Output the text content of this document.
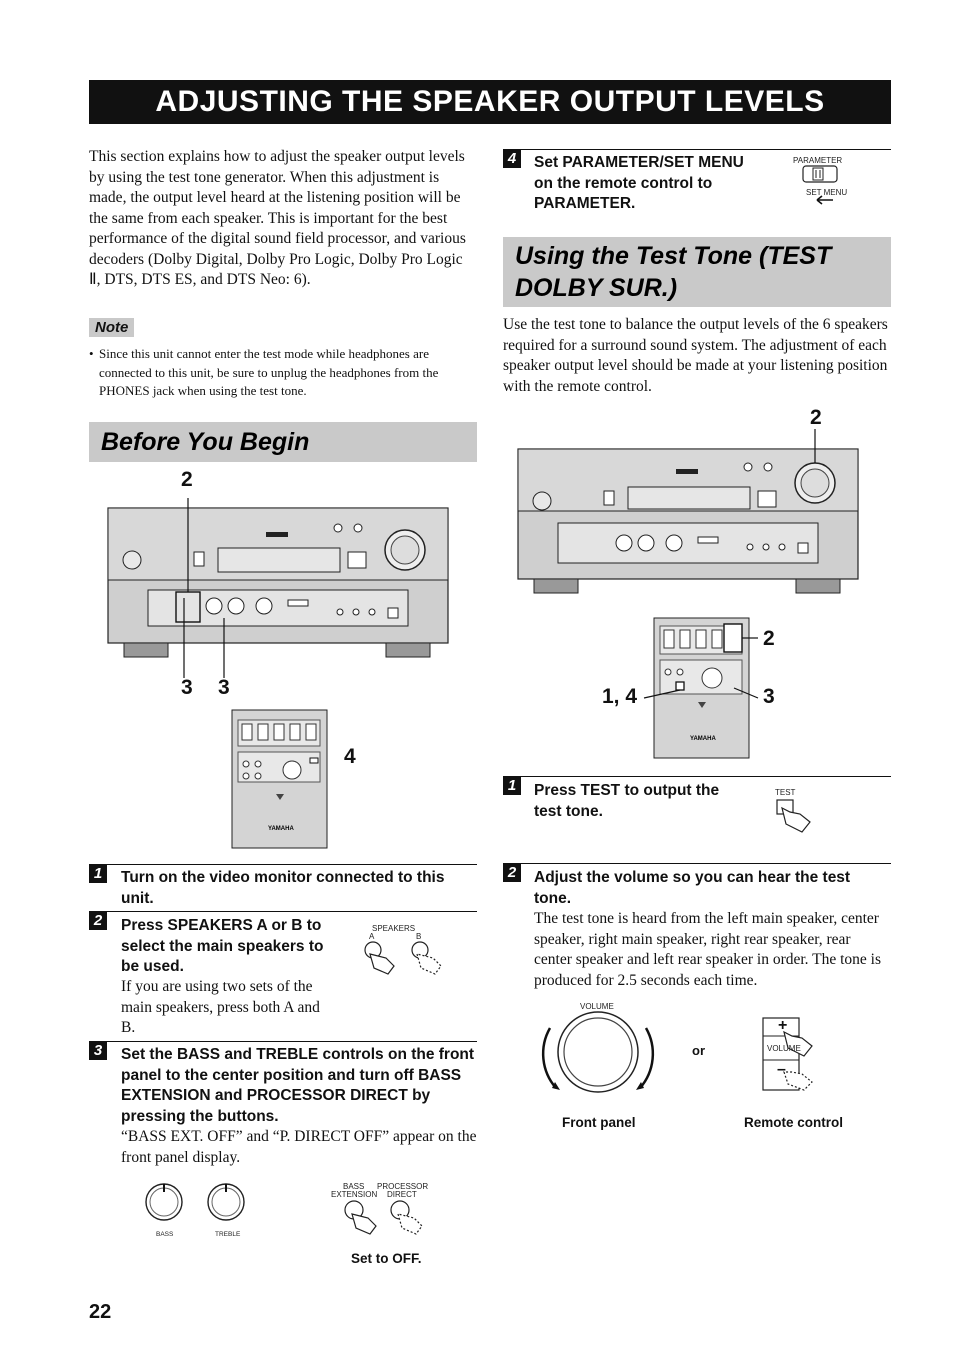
ADJUSTING THE SPEAKER OUTPUT LEVELS
This section explains how to adjust the speaker output levels by using the test tone generator. When this adjustment is made, the output level heard at the listening position will be the same from each speaker. This is important for the best performance of the digital sound field processor, and various decoders (Dolby Digital, Dolby Pro Logic, Dolby Pro Logic Ⅱ, DTS, DTS ES, and DTS Neo: 6).
Note
• Since this unit cannot enter the test mode while headphones are connected to this unit, be sure to unplug the headphones from the PHONES jack when using the test tone.
Before You Begin
2
3 3
YAMAHA
4
1	Turn on the video monitor connected to this unit.
2	Press SPEAKERS A or B to select the main speakers to be used.
If you are using two sets of the main speakers, press both A and B.
SPEAKERS
A	B
3	Set the BASS and TREBLE controls on the front panel to the center position and turn off BASS EXTENSION and PROCESSOR DIRECT by pressing the buttons.
“BASS EXT. OFF” and “P. DIRECT OFF” appear on the front panel display.
BASS	TREBLE
BASS
EXTENSION
PROCESSOR
DIRECT
Set to OFF.
22
4	Set PARAMETER/SET MENU on the remote control to PARAMETER.
PARAMETER
SET MENU
Using the Test Tone (TEST DOLBY SUR.)
Use the test tone to balance the output levels of the 6 speakers required for a surround sound system. The adjustment of each speaker output level should be made at your listening position with the remote control.
2
YAMAHA
2
1, 4	3
1	Press TEST to output the test tone.
TEST
2	Adjust the volume so you can hear the test tone.
The test tone is heard from the left main speaker, center speaker, right main speaker, right rear speaker, rear center speaker and left rear speaker in order. The tone is produced for 2.5 seconds each time.
VOLUME
or
+
VOLUME
–
Front panel	Remote control
